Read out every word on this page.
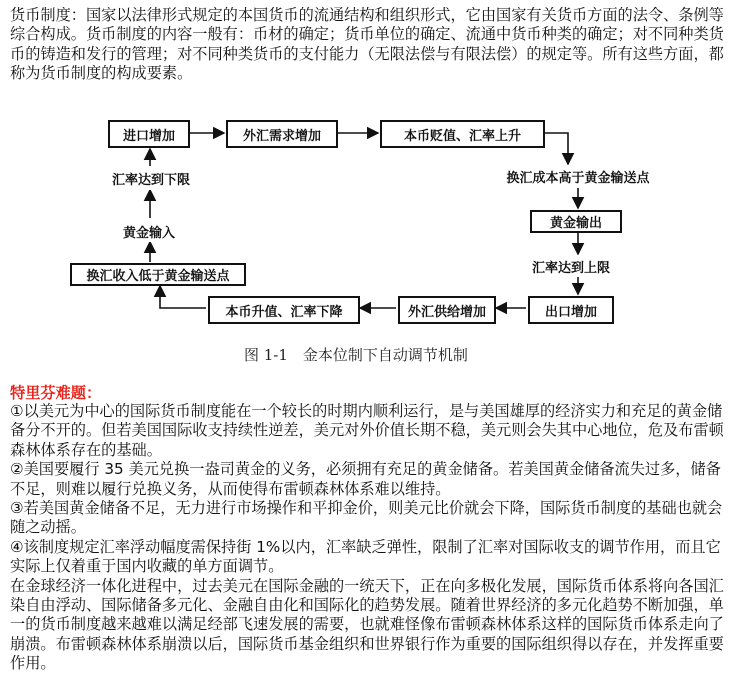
货币制度：国家以法律形式规定的本国货币的流通结构和组织形式，它由国家有关货币方面的法令、条例等综合构成。货币制度的内容一般有：币材的确定；货币单位的确定、流通中货币种类的确定；对不同种类货币的铸造和发行的管理；对不同种类货币的支付能力（无限法偿与有限法偿）的规定等。所有这些方面，都称为货币制度的构成要素。

进口增加	外汇需求增加	本币贬值、汇率上升
换汇成本高于黄金输送点
黄金输出
汇率达到上限
出口增加
外汇供给增加
本币升值、汇率下降
换汇收入低于黄金输送点
黄金输入
汇率达到下限
图 1-1　金本位制下自动调节机制

特里芬难题：

①以美元为中心的国际货币制度能在一个较长的时期内顺利运行，是与美国雄厚的经济实力和充足的黄金储备分不开的。但若美国国际收支持续性逆差，美元对外价值长期不稳，美元则会失其中心地位，危及布雷顿森林体系存在的基础。

②美国要履行 35 美元兑换一盎司黄金的义务，必须拥有充足的黄金储备。若美国黄金储备流失过多，储备不足，则难以履行兑换义务，从而使得布雷顿森林体系难以维持。

③若美国黄金储备不足，无力进行市场操作和平抑金价，则美元比价就会下降，国际货币制度的基础也就会随之动摇。

④该制度规定汇率浮动幅度需保持街 1%以内，汇率缺乏弹性，限制了汇率对国际收支的调节作用，而且它实际上仅着重于国内收藏的单方面调节。

在金球经济一体化进程中，过去美元在国际金融的一统天下，正在向多极化发展，国际货币体系将向各国汇染自由浮动、国际储备多元化、金融自由化和国际化的趋势发展。随着世界经济的多元化趋势不断加强，单一的货币制度越来越难以满足经部飞速发展的需要，也就难怪像布雷顿森林体系这样的国际货币体系走向了崩溃。布雷顿森林体系崩溃以后，国际货币基金组织和世界银行作为重要的国际组织得以存在，并发挥重要作用。
